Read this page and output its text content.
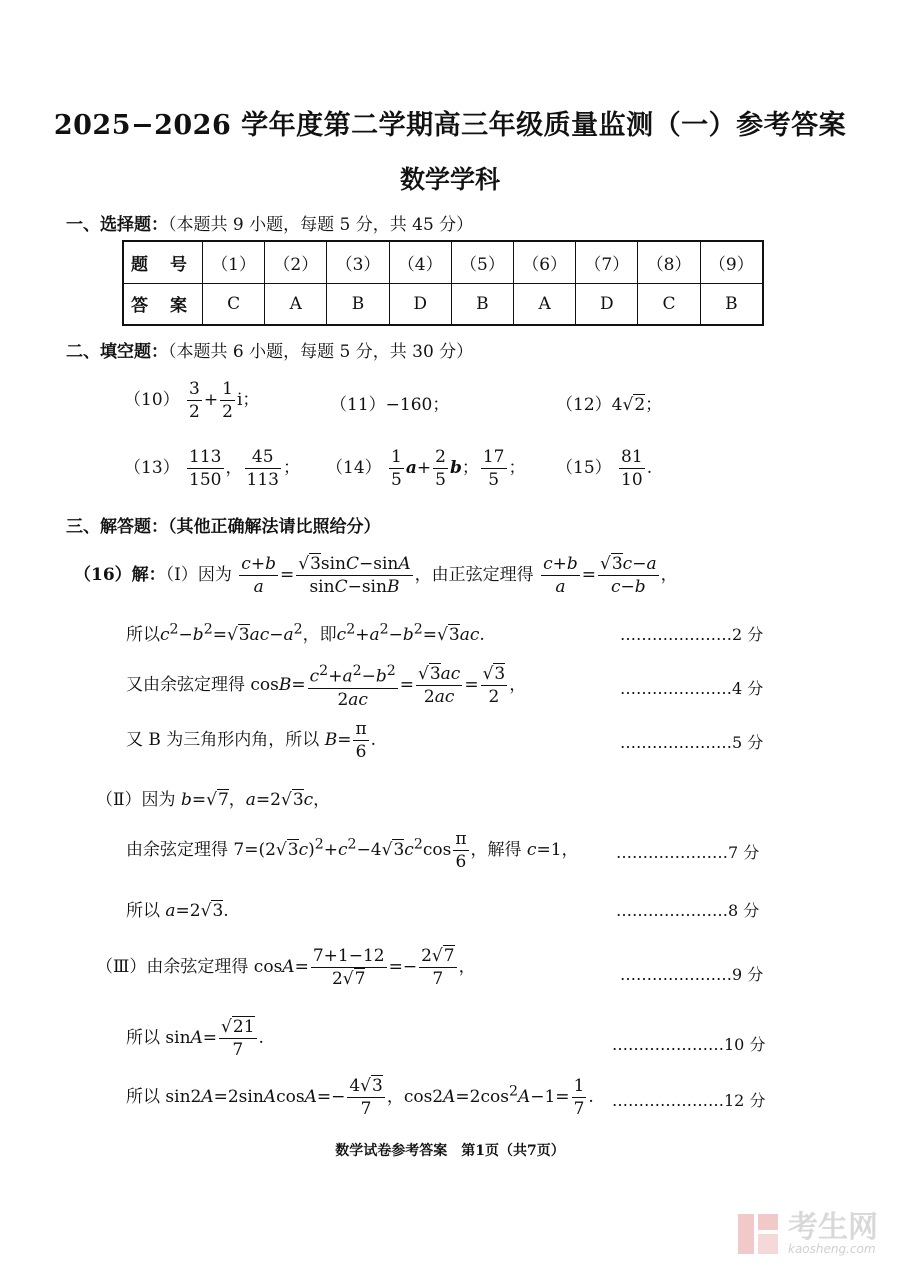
2025−2026 学年度第二学期高三年级质量监测（一）参考答案
数学学科
一、选择题：（本题共 9 小题，每题 5 分，共 45 分）
题 号	（1）	（2）	（3）	（4）	（5）	（6）	（7）	（8）	（9）
答 案	C	A	B	D	B	A	D	C	B
二、填空题：（本题共 6 小题，每题 5 分，共 30 分）
$(10) \frac{3}{2} + \frac{1}{2}$ i；	（11）−160；	（12）4√2；
$(13) \frac{113}{150}$ ， $\frac{45}{113}$ ； $(14) \frac{1}{5} a+ \frac{2}{5}$ b； $\frac{17}{5}$ ； $(15) \frac{81}{10}$ .
三、解答题：（其他正确解法请比照给分）
（16）解：（Ⅰ）因为 $\frac{c+b}{a} = \frac{√3\sin C-\sin A}{\sin C-\sin B}$ ，由正弦定理得 $\frac{c+b}{a} = \frac{√3c-a}{c-b}$ ，
所以$c^2-b^2=√3ac-a^2$，即$c^2+a^2-b^2=√3ac$.	…………………2 分
又由余弦定理得 $\cos B= \frac{c^2+a^2-b^2}{2ac} = \frac{√3ac}{2ac} = \frac{√3}{2}$ ，	…………………4 分
又 B 为三角形内角，所以 $B= \frac{\pi}{6}$ .	…………………5 分
（Ⅱ）因为 b=√7，a=2√3c，
由余弦定理得 $7=(2√3c)^2+c^2-4√3c^2\cos \frac{\pi}{6}$ ，解得 c=1， …………………7 分
所以 a=2√3.	…………………8 分
（Ⅲ）由余弦定理得 $\cos A= \frac{7+1-12}{2√7} =- \frac{2√7}{7}$ ，	…………………9 分
所以 $\sin A= \frac{√21}{7}$ .	…………………10 分
所以 sin2A=2sinAcosA=− $\frac{4√3}{7}$ ，$\cos 2A=2\cos^2A-1= \frac{1}{7}$ . …………………12 分
数学试卷参考答案　第1页（共7页）
考生网
kaosheng.com
